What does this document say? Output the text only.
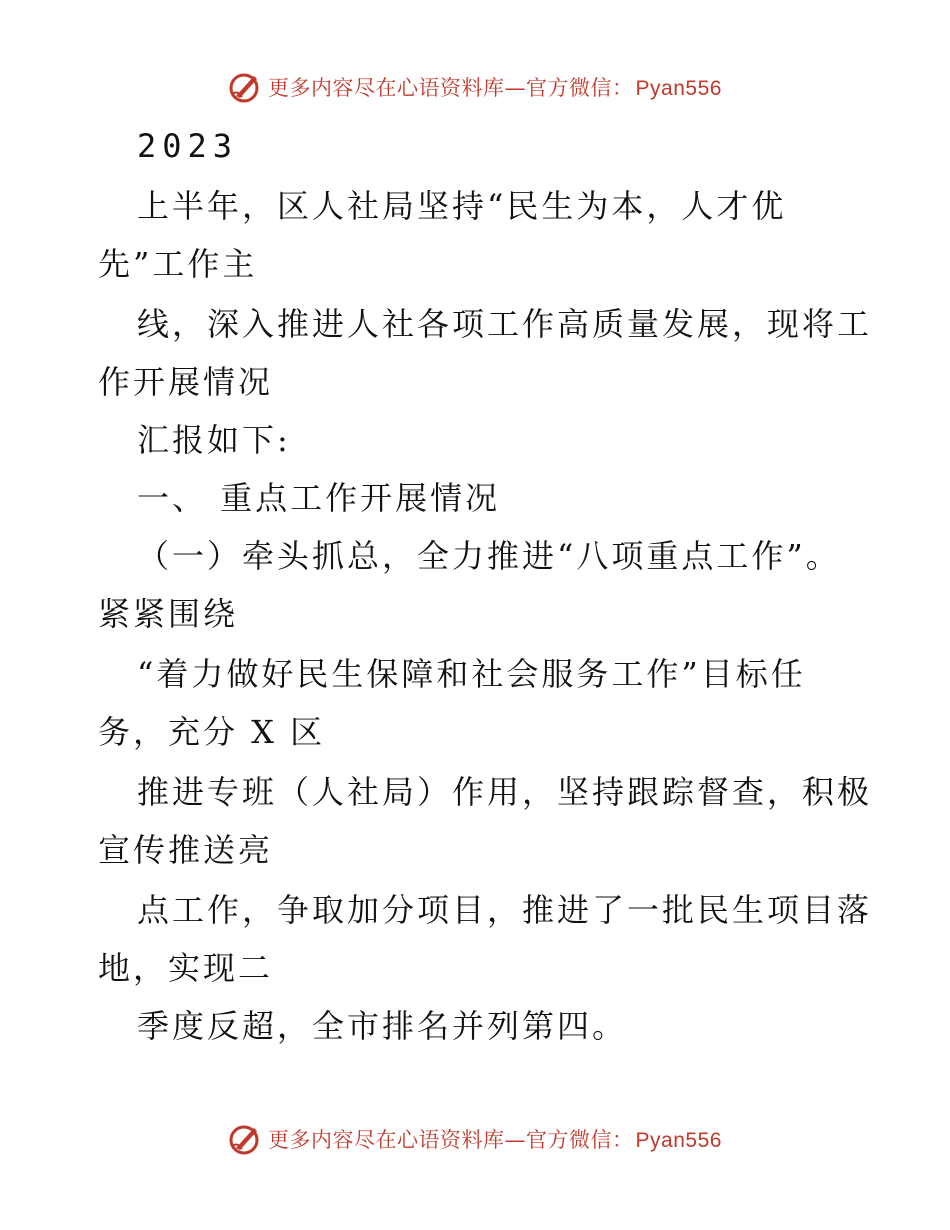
更多内容尽在心语资料库—官方微信： Pyan556
2023
上半年，区人社局坚持“民生为本，人才优
先”工作主
线，深入推进人社各项工作高质量发展，现将工
作开展情况
汇报如下:
一、 重点工作开展情况
（一）牵头抓总，全力推进“八项重点工作”。
紧紧围绕
“着力做好民生保障和社会服务工作”目标任
务，充分 X 区
推进专班（人社局）作用，坚持跟踪督查，积极
宣传推送亮
点工作，争取加分项目，推进了一批民生项目落
地，实现二
季度反超，全市排名并列第四。
更多内容尽在心语资料库—官方微信： Pyan556
